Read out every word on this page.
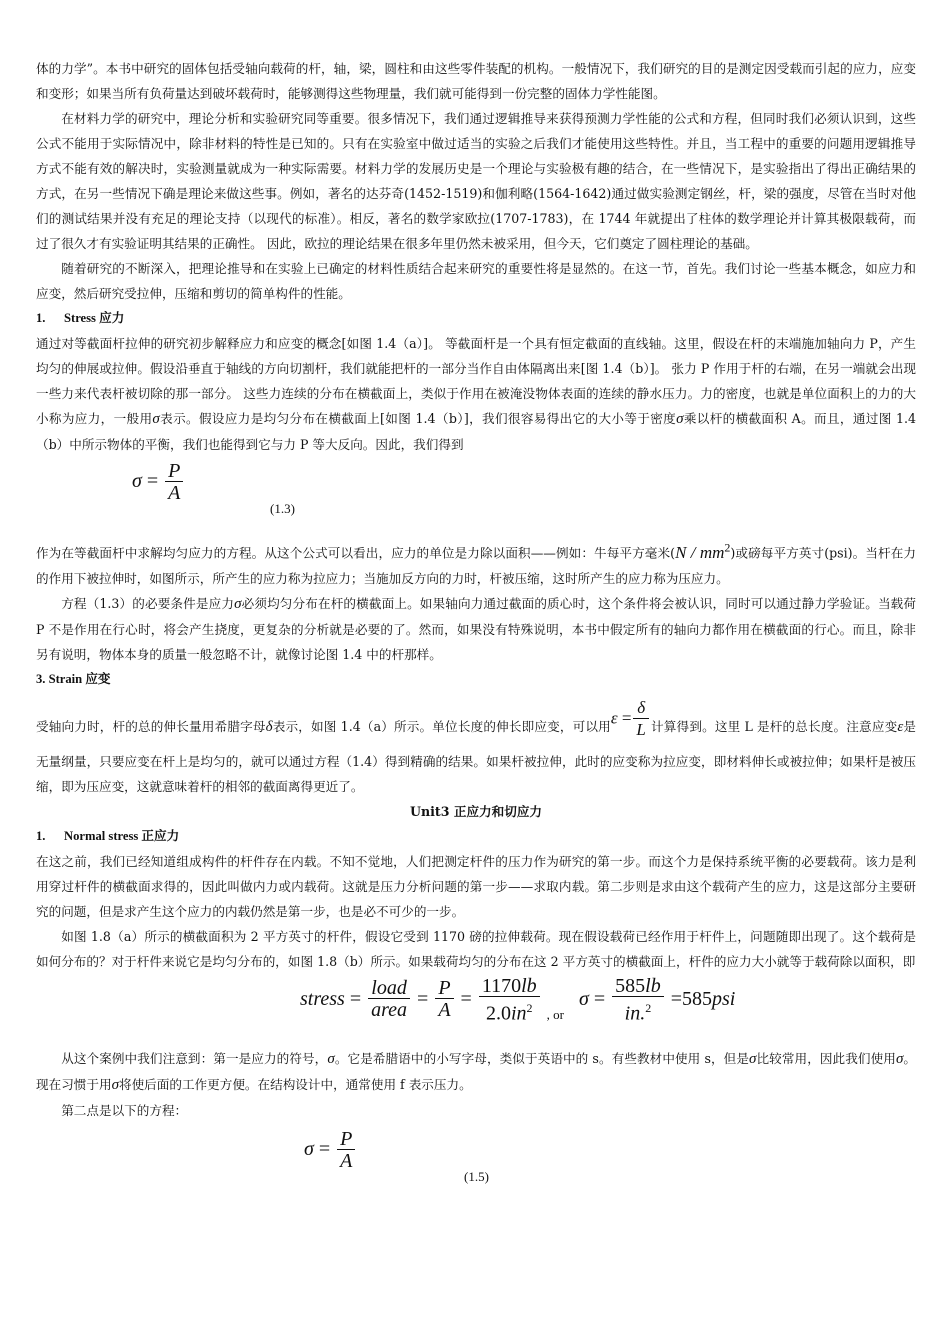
体的力学”。本书中研究的固体包括受轴向载荷的杆，轴，梁，圆柱和由这些零件装配的机构。一般情况下，我们研究的目的是测定因受载而引起的应力，应变和变形；如果当所有负荷量达到破坏载荷时，能够测得这些物理量，我们就可能得到一份完整的固体力学性能图。

在材料力学的研究中，理论分析和实验研究同等重要。很多情况下，我们通过逻辑推导来获得预测力学性能的公式和方程，但同时我们必须认识到，这些公式不能用于实际情况中，除非材料的特性是已知的。只有在实验室中做过适当的实验之后我们才能使用这些特性。并且，当工程中的重要的问题用逻辑推导方式不能有效的解决时，实验测量就成为一种实际需要。材料力学的发展历史是一个理论与实验极有趣的结合，在一些情况下，是实验指出了得出正确结果的方式，在另一些情况下确是理论来做这些事。例如，著名的达芬奇(1452-1519)和伽利略(1564-1642)通过做实验测定钢丝，杆，梁的强度，尽管在当时对他们的测试结果并没有充足的理论支持（以现代的标准）。相反，著名的数学家欧拉(1707-1783)，在 1744 年就提出了柱体的数学理论并计算其极限载荷，而过了很久才有实验证明其结果的正确性。 因此，欧拉的理论结果在很多年里仍然未被采用，但今天，它们奠定了圆柱理论的基础。

随着研究的不断深入，把理论推导和在实验上已确定的材料性质结合起来研究的重要性将是显然的。在这一节，首先。我们讨论一些基本概念，如应力和应变，然后研究受拉伸，压缩和剪切的简单构件的性能。

1. Stress 应力

通过对等截面杆拉伸的研究初步解释应力和应变的概念[如图 1.4（a）]。 等截面杆是一个具有恒定截面的直线轴。这里，假设在杆的末端施加轴向力 P，产生均匀的伸展或拉伸。假设沿垂直于轴线的方向切割杆，我们就能把杆的一部分当作自由体隔离出来[图 1.4（b）]。 张力 P 作用于杆的右端，在另一端就会出现一些力来代表杆被切除的那一部分。 这些力连续的分布在横截面上，类似于作用在被淹没物体表面的连续的静水压力。力的密度，也就是单位面积上的力的大小称为应力，一般用σ表示。假设应力是均匀分布在横截面上[如图 1.4（b）]，我们很容易得出它的大小等于密度σ乘以杆的横截面积 A。而且，通过图 1.4（b）中所示物体的平衡，我们也能得到它与力 P 等大反向。因此，我们得到

$\sigma = \frac{P}{A}$
(1.3)

作为在等截面杆中求解均匀应力的方程。从这个公式可以看出，应力的单位是力除以面积——例如：牛每平方毫米$(N / mm^2)$或磅每平方英寸(psi)。当杆在力的作用下被拉伸时，如图所示，所产生的应力称为拉应力；当施加反方向的力时，杆被压缩，这时所产生的应力称为压应力。

方程（1.3）的必要条件是应力σ必须均匀分布在杆的横截面上。如果轴向力通过截面的质心时，这个条件将会被认识，同时可以通过静力学验证。当载荷 P 不是作用在行心时，将会产生挠度，更复杂的分析就是必要的了。然而，如果没有特殊说明，本书中假定所有的轴向力都作用在横截面的行心。而且，除非另有说明，物体本身的质量一般忽略不计，就像讨论图 1.4 中的杆那样。

3. Strain 应变

受轴向力时，杆的总的伸长量用希腊字母δ表示，如图 1.4（a）所示。单位长度的伸长即应变，可以用$\varepsilon = \frac{\delta}{L}$ 计算得到。这里 L 是杆的总长度。注意应变ε是无量纲量，只要应变在杆上是均匀的，就可以通过方程（1.4）得到精确的结果。如果杆被拉伸，此时的应变称为拉应变，即材料伸长或被拉伸；如果杆是被压缩，即为压应变，这就意味着杆的相邻的截面离得更近了。

Unit3 正应力和切应力

1. Normal stress 正应力

在这之前，我们已经知道组成构件的杆件存在内载。不知不觉地，人们把测定杆件的压力作为研究的第一步。而这个力是保持系统平衡的必要载荷。该力是利用穿过杆件的横截面求得的，因此叫做内力或内载荷。这就是压力分析问题的第一步——求取内载。第二步则是求由这个载荷产生的应力，这是这部分主要研究的问题，但是求产生这个应力的内载仍然是第一步，也是必不可少的一步。

如图 1.8（a）所示的横截面积为 2 平方英寸的杆件，假设它受到 1170 磅的拉伸载荷。现在假设载荷已经作用于杆件上，问题随即出现了。这个载荷是如何分布的？对于杆件来说它是均匀分布的，如图 1.8（b）所示。如果载荷均匀的分布在这 2 平方英寸的横截面上，杆件的应力大小就等于载荷除以面积，即

stress = $\frac{\text{load}}{\text{area}} = \frac{P}{A} = \frac{1170lb}{2.0in^2} _{, or}$   $\sigma = \frac{585lb}{in.^2} =585psi$

从这个案例中我们注意到：第一是应力的符号，σ。它是希腊语中的小写字母，类似于英语中的 s。有些教材中使用 s，但是σ比较常用，因此我们使用σ。现在习惯于用σ将使后面的工作更方便。在结构设计中，通常使用 f 表示压力。

第二点是以下的方程：

$\sigma = \frac{P}{A}$
(1.5)
